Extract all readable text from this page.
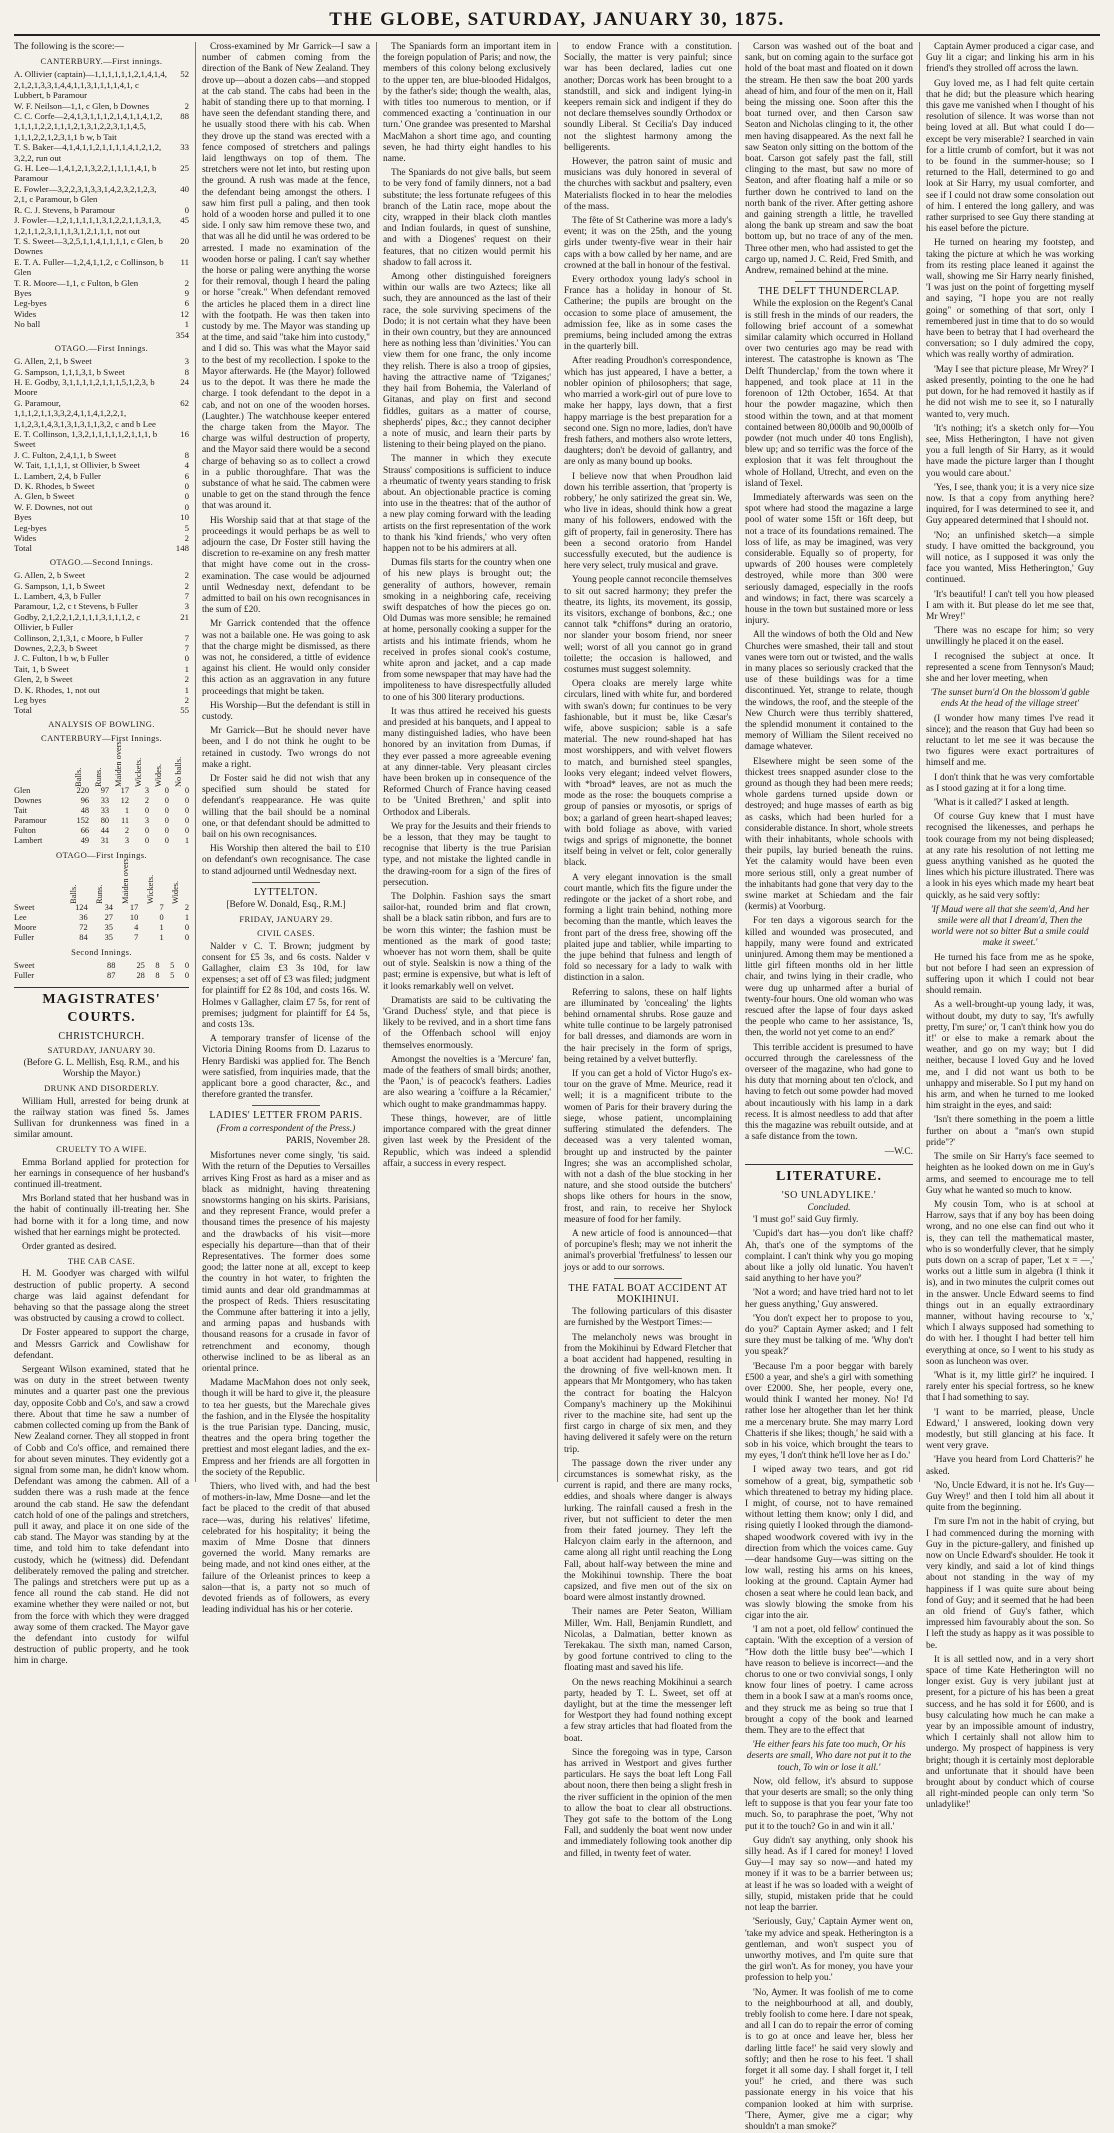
THE GLOBE, SATURDAY, JANUARY 30, 1875.

The following is the score:—

CANTERBURY.—First innings.
A. Ollivier (captain)—1,1,1,1,1,1,2,1,4,1,4, 2,1,2,1,3,3,1,4,4,1,1,3,1,1,1,1,4,1, c Lubbert, b Paramour	52
W. F. Neilson—1,1, c Glen, b Downes	2
C. C. Corfe—2,4,1,3,1,1,1,2,1,4,1,1,4,1,2, 1,1,1,1,2,2,1,1,1,2,1,3,1,2,2,3,1,1,4,5, 1,1,1,2,2,1,2,3,1,1 b w, b Tait	88
T. S. Baker—4,1,4,1,1,2,1,1,1,1,4,1,2,1,2, 3,2,2, run out	33
G. H. Lee—1,4,1,2,1,3,2,2,1,1,1,1,4,1, b Paramour	25
E. Fowler—3,2,2,3,1,3,3,1,4,2,3,2,1,2,3, 2,1, c Paramour, b Glen	40
R. C. J. Stevens, b Paramour	0
J. Fowler—1,2,1,1,1,1,1,3,1,2,2,1,1,3,1,3, 1,2,1,1,2,3,1,1,1,3,1,2,1,1,1, not out	45
T. S. Sweet—3,2,5,1,1,4,1,1,1,1, c Glen, b Downes	20
E. T. A. Fuller—1,2,4,1,1,2, c Collinson, b Glen	11
T. R. Moore—1,1, c Fulton, b Glen	2
Byes	9
Leg-byes	6
Wides	12
No ball	1
	354
OTAGO.—First Innings.
G. Allen, 2,1, b Sweet	3
G. Sampson, 1,1,1,3,1, b Sweet	8
H. E. Godby, 3,1,1,1,1,2,1,1,1,5,1,2,3, b Moore	24
G. Paramour, 1,1,1,2,1,1,3,3,2,4,1,1,4,1,2,2,1, 1,1,2,3,1,4,3,1,3,1,3,1,1,3,2, c and b Lee	62
E. T. Collinson, 1,3,2,1,1,1,1,1,2,1,1,1, b Sweet	16
J. C. Fulton, 2,4,1,1, b Sweet	8
W. Tait, 1,1,1,1, st Ollivier, b Sweet	4
L. Lambert, 2,4, b Fuller	6
D. K. Rhodes, b Sweet	0
A. Glen, b Sweet	0
W. F. Downes, not out	0
Byes	10
Leg-byes	5
Wides	2
Total	148
OTAGO.—Second Innings.
G. Allen, 2, b Sweet	2
G. Sampson, 1,1, b Sweet	2
L. Lambert, 4,3, b Fuller	7
Paramour, 1,2, c t Stevens, b Fuller	3
Godby, 2,1,2,2,1,2,1,1,1,3,1,1,1,2, c Ollivier, b Fuller	21
Collinson, 2,1,3,1, c Moore, b Fuller	7
Downes, 2,2,3, b Sweet	7
J. C. Fulton, l b w, b Fuller	0
Tait, 1, b Sweet	1
Glen, 2, b Sweet	2
D. K. Rhodes, 1, not out	1
Leg byes	2
Total	55
ANALYSIS OF BOWLING.
CANTERBURY—First Innings.
	Balls.	Runs.	Maiden overs.	Wickets.	Wides.	No balls.
Glen	220	97	17	3	0	0
Downes	96	33	12	2	0	0
Tait	48	33	1	0	0	0
Paramour	152	80	11	3	0	0
Fulton	66	44	2	0	0	0
Lambert	49	31	3	0	0	1
OTAGO—First Innings.
	Balls.	Runs.	Maiden overs.	Wickets.	Wides.
Sweet	124	34	17	7	2
Lee	36	27	10	0	1
Moore	72	35	4	1	0
Fuller	84	35	7	1	0
Second Innings.
Sweet	88	25	8	5	0
Fuller	87	28	8	5	0
MAGISTRATES' COURTS.
CHRISTCHURCH.
SATURDAY, JANUARY 30.
(Before G. L. Mellish, Esq. R.M., and his Worship the Mayor.)
DRUNK AND DISORDERLY.

William Hull, arrested for being drunk at the railway station was fined 5s. James Sullivan for drunkenness was fined in a similar amount.

CRUELTY TO A WIFE.

Emma Borland applied for protection for her earnings in consequence of her husband's continued ill-treatment.

Mrs Borland stated that her husband was in the habit of continually ill-treating her. She had borne with it for a long time, and now wished that her earnings might be protected.

Order granted as desired.

THE CAB CASE.

H. M. Goodyer was charged with wilful destruction of public property. A second charge was laid against defendant for behaving so that the passage along the street was obstructed by causing a crowd to collect.

Dr Foster appeared to support the charge, and Messrs Garrick and Cowlishaw for defendant.

Sergeant Wilson examined, stated that he was on duty in the street between twenty minutes and a quarter past one the previous day, opposite Cobb and Co's, and saw a crowd there. About that time he saw a number of cabmen collected coming up from the Bank of New Zealand corner. They all stopped in front of Cobb and Co's office, and remained there for about seven minutes. They evidently got a signal from some man, he didn't know whom. Defendant was among the cabmen. All of a sudden there was a rush made at the fence around the cab stand. He saw the defendant catch hold of one of the palings and stretchers, pull it away, and place it on one side of the cab stand. The Mayor was standing by at the time, and told him to take defendant into custody, which he (witness) did. Defendant deliberately removed the paling and stretcher. The palings and stretchers were put up as a fence all round the cab stand. He did not examine whether they were nailed or not, but from the force with which they were dragged away some of them cracked. The Mayor gave the defendant into custody for wilful destruction of public property, and he took him in charge.

Cross-examined by Mr Garrick—I saw a number of cabmen coming from the direction of the Bank of New Zealand. They drove up—about a dozen cabs—and stopped at the cab stand. The cabs had been in the habit of standing there up to that morning. I have seen the defendant standing there, and he usually stood there with his cab. When they drove up the stand was erected with a fence composed of stretchers and palings laid lengthways on top of them. The stretchers were not let into, but resting upon the ground. A rush was made at the fence, the defendant being amongst the others. I saw him first pull a paling, and then took hold of a wooden horse and pulled it to one side. I only saw him remove these two, and that was all he did until he was ordered to be arrested. I made no examination of the wooden horse or paling. I can't say whether the horse or paling were anything the worse for their removal, though I heard the paling or horse "creak." When defendant removed the articles he placed them in a direct line with the footpath. He was then taken into custody by me. The Mayor was standing up at the time, and said "take him into custody," and I did so. This was what the Mayor said to the best of my recollection. I spoke to the Mayor afterwards. He (the Mayor) followed us to the depot. It was there he made the charge. I took defendant to the depot in a cab, and not on one of the wooden horses. (Laughter.) The watchhouse keeper entered the charge taken from the Mayor. The charge was wilful destruction of property, and the Mayor said there would be a second charge of behaving so as to collect a crowd in a public thoroughfare. That was the substance of what he said. The cabmen were unable to get on the stand through the fence that was around it.

His Worship said that at that stage of the proceedings it would perhaps be as well to adjourn the case, Dr Foster still having the discretion to re-examine on any fresh matter that might have come out in the cross-examination. The case would be adjourned until Wednesday next, defendant to be admitted to bail on his own recognisances in the sum of £20.

Mr Garrick contended that the offence was not a bailable one. He was going to ask that the charge might be dismissed, as there was not, he considered, a tittle of evidence against his client. He would only consider this action as an aggravation in any future proceedings that might be taken.

His Worship—But the defendant is still in custody.

Mr Garrick—But he should never have been, and I do not think he ought to be retained in custody. Two wrongs do not make a right.

Dr Foster said he did not wish that any specified sum should be stated for defendant's reappearance. He was quite willing that the bail should be a nominal one, or that defendant should be admitted to bail on his own recognisances.

His Worship then altered the bail to £10 on defendant's own recognisance. The case to stand adjourned until Wednesday next.

LYTTELTON.
[Before W. Donald, Esq., R.M.]
FRIDAY, JANUARY 29.
CIVIL CASES.

Nalder v C. T. Brown; judgment by consent for £5 3s, and 6s costs. Nalder v Gallagher, claim £3 3s 10d, for law expenses; a set off of £3 was filed; judgment for plaintiff for £2 8s 10d, and costs 16s. W. Holmes v Gallagher, claim £7 5s, for rent of premises; judgment for plaintiff for £4 5s, and costs 13s.

A temporary transfer of license of the Victoria Dining Rooms from D. Lazarus to Henry Bardiski was applied for. The Bench were satisfied, from inquiries made, that the applicant bore a good character, &c., and therefore granted the transfer.

LADIES' LETTER FROM PARIS.
(From a correspondent of the Press.)
PARIS, November 28.

Misfortunes never come singly, 'tis said. With the return of the Deputies to Versailles arrives King Frost as hard as a miser and as black as midnight, having threatening snowstorms hanging on his skirts. Parisians, and they represent France, would prefer a thousand times the presence of his majesty and the drawbacks of his visit—more especially his departure—than that of their Representatives. The former does some good; the latter none at all, except to keep the country in hot water, to frighten the timid aunts and dear old grandmammas at the prospect of Reds. Thiers resuscitating the Commune after battering it into a jelly, and arming papas and husbands with thousand reasons for a crusade in favor of retrenchment and economy, though otherwise inclined to be as liberal as an oriental prince.

Madame MacMahon does not only seek, though it will be hard to give it, the pleasure to tea her guests, but the Marechale gives the fashion, and in the Elysée the hospitality is the true Parisian type. Dancing, music, theatres and the opera bring together the prettiest and most elegant ladies, and the ex-Empress and her friends are all forgotten in the society of the Republic.

Thiers, who lived with, and had the best of mothers-in-law, Mme Dosne—and let the fact be placed to the credit of that abused race—was, during his relatives' lifetime, celebrated for his hospitality; it being the maxim of Mme Dosne that dinners governed the world. Many remarks are being made, and not kind ones either, at the failure of the Orleanist princes to keep a salon—that is, a party not so much of devoted friends as of followers, as every leading individual has his or her coterie.

The Spaniards form an important item in the foreign population of Paris; and now, the members of this colony belong exclusively to the upper ten, are blue-blooded Hidalgos, by the father's side; though the wealth, alas, with titles too numerous to mention, or if commenced exacting a 'continuation in our turn.' One grandee was presented to Marshal MacMahon a short time ago, and counting seven, he had thirty eight handles to his name.

The Spaniards do not give balls, but seem to be very fond of family dinners, not a bad substitute; the less fortunate refugees of this branch of the Latin race, mope about the city, wrapped in their black cloth mantles and Indian foulards, in quest of sunshine, and with a Diogenes' request on their features, that no citizen would permit his shadow to fall across it.

Among other distinguished foreigners within our walls are two Aztecs; like all such, they are announced as the last of their race, the sole surviving specimens of the Dodo; it is not certain what they have been in their own country, but they are announced here as nothing less than 'divinities.' You can view them for one franc, the only income they relish. There is also a troop of gipsies, having the attractive name of 'Tziganes;' they hail from Bohemia, the Valerland of Gitanas, and play on first and second fiddles, guitars as a matter of course, shepherds' pipes, &c.; they cannot decipher a note of music, and learn their parts by listening to their being played on the piano.

The manner in which they execute Strauss' compositions is sufficient to induce a rheumatic of twenty years standing to frisk about. An objectionable practice is coming into use in the theatres: that of the author of a new play coming forward with the leading artists on the first representation of the work to thank his 'kind friends,' who very often happen not to be his admirers at all.

Dumas fils starts for the country when one of his new plays is brought out; the generality of authors, however, remain smoking in a neighboring cafe, receiving swift despatches of how the pieces go on. Old Dumas was more sensible; he remained at home, personally cooking a supper for the artists and his intimate friends, whom he received in profes sional cook's costume, white apron and jacket, and a cap made from some newspaper that may have had the impoliteness to have disrespectfully alluded to one of his 300 literary productions.

It was thus attired he received his guests and presided at his banquets, and I appeal to many distinguished ladies, who have been honored by an invitation from Dumas, if they ever passed a more agreeable evening at any dinner-table. Very pleasant circles have been broken up in consequence of the Reformed Church of France having ceased to be 'United Brethren,' and split into Orthodox and Liberals.

We pray for the Jesuits and their friends to be a lesson, that they may be taught to recognise that liberty is the true Parisian type, and not mistake the lighted candle in the drawing-room for a sign of the fires of persecution.

The Dolphin. Fashion says the smart sailor-hat, rounded brim and flat crown, shall be a black satin ribbon, and furs are to be worn this winter; the fashion must be mentioned as the mark of good taste; whoever has not worn them, shall be quite out of style. Sealskin is now a thing of the past; ermine is expensive, but what is left of it looks remarkably well on velvet.

Dramatists are said to be cultivating the 'Grand Duchess' style, and that piece is likely to be revived, and in a short time fans of the Offenbach school will enjoy themselves enormously.

Amongst the novelties is a 'Mercure' fan, made of the feathers of small birds; another, the 'Paon,' is of peacock's feathers. Ladies are also wearing a 'coiffure a la Récamier,' which ought to make grandmammas happy.

These things, however, are of little importance compared with the great dinner given last week by the President of the Republic, which was indeed a splendid affair, a success in every respect.

to endow France with a constitution. Socially, the matter is very painful; since war has been declared, ladies cut one another; Dorcas work has been brought to a standstill, and sick and indigent lying-in keepers remain sick and indigent if they do not declare themselves soundly Orthodox or soundly Liberal. St Cecilia's Day induced not the slightest harmony among the belligerents.

However, the patron saint of music and musicians was duly honored in several of the churches with sackbut and psaltery, even Materialists flocked in to hear the melodies of the mass.

The fête of St Catherine was more a lady's event; it was on the 25th, and the young girls under twenty-five wear in their hair caps with a bow called by her name, and are crowned at the ball in honour of the festival.

Every orthodox young lady's school in France has a holiday in honour of St. Catherine; the pupils are brought on the occasion to some place of amusement, the admission fee, like as in some cases the premiums, being included among the extras in the quarterly bill.

After reading Proudhon's correspondence, which has just appeared, I have a better, a nobler opinion of philosophers; that sage, who married a work-girl out of pure love to make her happy, lays down, that a first happy marriage is the best preparation for a second one. Sign no more, ladies, don't have fresh fathers, and mothers also wrote letters, daughters; don't be devoid of gallantry, and are only as many bound up books.

I believe now that when Proudhon laid down his terrible assertion, that 'property is robbery,' he only satirized the great sin. We, who live in ideas, should think how a great many of his followers, endowed with the gift of property, fail in generosity. There has been a second oratorio from Handel successfully executed, but the audience is here very select, truly musical and grave.

Young people cannot reconcile themselves to sit out sacred harmony; they prefer the theatre, its lights, its movement, its gossip, its visitors, exchange of bonbons, &c.; one cannot talk *chiffons* during an oratorio, nor slander your bosom friend, nor sneer well; worst of all you cannot go in grand toilette; the occasion is hallowed, and costumes must suggest solemnity.

Opera cloaks are merely large white circulars, lined with white fur, and bordered with swan's down; fur continues to be very fashionable, but it must be, like Cæsar's wife, above suspicion; sable is a safe material. The new round-shaped hat has most worshippers, and with velvet flowers to match, and burnished steel spangles, looks very elegant; indeed velvet flowers, with *broad* leaves, are not as much the mode as the rose: the bouquets comprise a group of pansies or myosotis, or sprigs of box; a garland of green heart-shaped leaves; with bold foliage as above, with varied twigs and sprigs of mignonette, the bonnet itself being in velvet or felt, color generally black.

A very elegant innovation is the small court mantle, which fits the figure under the redingote or the jacket of a short robe, and forming a light train behind, nothing more becoming than the mantle, which leaves the front part of the dress free, showing off the plaited jupe and tablier, while imparting to the jupe behind that fulness and length of fold so necessary for a lady to walk with distinction in a salon.

Referring to salons, these on half lights are illuminated by 'concealing' the lights behind ornamental shrubs. Rose gauze and white tulle continue to be largely patronised for ball dresses, and diamonds are worn in the hair precisely in the form of sprigs, being retained by a velvet butterfly.

If you can get a hold of Victor Hugo's ex-tour on the grave of Mme. Meurice, read it well; it is a magnificent tribute to the women of Paris for their bravery during the siege, whose patient, uncomplaining suffering stimulated the defenders. The deceased was a very talented woman, brought up and instructed by the painter Ingres; she was an accomplished scholar, with not a dash of the blue stocking in her nature, and she stood outside the butchers' shops like others for hours in the snow, frost, and rain, to receive her Shylock measure of food for her family.

A new article of food is announced—that of porcupine's flesh; may we not inherit the animal's proverbial 'fretfulness' to lessen our joys or add to our sorrows.

THE FATAL BOAT ACCIDENT AT MOKIHINUI.

The following particulars of this disaster are furnished by the Westport Times:—

The melancholy news was brought in from the Mokihinui by Edward Fletcher that a boat accident had happened, resulting in the drowning of five well-known men. It appears that Mr Montgomery, who has taken the contract for boating the Halcyon Company's machinery up the Mokihinui river to the machine site, had sent up the first cargo in charge of six men, and they having delivered it safely were on the return trip.

The passage down the river under any circumstances is somewhat risky, as the current is rapid, and there are many rocks, eddies, and shoals where danger is always lurking. The rainfall caused a fresh in the river, but not sufficient to deter the men from their fated journey. They left the Halcyon claim early in the afternoon, and came along all right until reaching the Long Fall, about half-way between the mine and the Mokihinui township. There the boat capsized, and five men out of the six on board were almost instantly drowned.

Their names are Peter Seaton, William Miller, Wm. Hall, Benjamin Rundlett, and Nicolas, a Dalmatian, better known as Terekakau. The sixth man, named Carson, by good fortune contrived to cling to the floating mast and saved his life.

On the news reaching Mokihinui a search party, headed by T. L. Sweet, set off at daylight, but at the time the messenger left for Westport they had found nothing except a few stray articles that had floated from the boat.

Since the foregoing was in type, Carson has arrived in Westport and gives further particulars. He says the boat left Long Fall about noon, there then being a slight fresh in the river sufficient in the opinion of the men to allow the boat to clear all obstructions. They got safe to the bottom of the Long Fall, and suddenly the boat went now under and immediately following took another dip and filled, in twenty feet of water.

Carson was washed out of the boat and sank, but on coming again to the surface got hold of the boat mast and floated on it down the stream. He then saw the boat 200 yards ahead of him, and four of the men on it, Hall being the missing one. Soon after this the boat turned over, and then Carson saw Seaton and Nicholas clinging to it, the other men having disappeared. As the next fall he saw Seaton only sitting on the bottom of the boat. Carson got safely past the fall, still clinging to the mast, but saw no more of Seaton, and after floating half a mile or so further down he contrived to land on the north bank of the river. After getting ashore and gaining strength a little, he travelled along the bank up stream and saw the boat bottom up, but no trace of any of the men. Three other men, who had assisted to get the cargo up, named J. C. Reid, Fred Smith, and Andrew, remained behind at the mine.

THE DELFT THUNDERCLAP.

While the explosion on the Regent's Canal is still fresh in the minds of our readers, the following brief account of a somewhat similar calamity which occurred in Holland over two centuries ago may be read with interest. The catastrophe is known as 'The Delft Thunderclap,' from the town where it happened, and took place at 11 in the forenoon of 12th October, 1654. At that hour the powder magazine, which then stood within the town, and at that moment contained between 80,000lb and 90,000lb of powder (not much under 40 tons English), blew up; and so terrific was the force of the explosion that it was felt throughout the whole of Holland, Utrecht, and even on the island of Texel.

Immediately afterwards was seen on the spot where had stood the magazine a large pool of water some 15ft or 16ft deep, but not a trace of its foundations remained. The loss of life, as may be imagined, was very considerable. Equally so of property, for upwards of 200 houses were completely destroyed, while more than 300 were seriously damaged, especially in the roofs and windows; in fact, there was scarcely a house in the town but sustained more or less injury.

All the windows of both the Old and New Churches were smashed, their tall and stout vanes were torn out or twisted, and the walls in many places so seriously cracked that the use of these buildings was for a time discontinued. Yet, strange to relate, though the windows, the roof, and the steeple of the New Church were thus terribly shattered, the splendid monument it contained to the memory of William the Silent received no damage whatever.

Elsewhere might be seen some of the thickest trees snapped asunder close to the ground as though they had been mere reeds; whole gardens turned upside down or destroyed; and huge masses of earth as big as casks, which had been hurled for a considerable distance. In short, whole streets with their inhabitants, whole schools with their pupils, lay buried beneath the ruins. Yet the calamity would have been even more serious still, only a great number of the inhabitants had gone that very day to the swine market at Schiedam and the fair (kermis) at Voorburg.

For ten days a vigorous search for the killed and wounded was prosecuted, and happily, many were found and extricated uninjured. Among them may be mentioned a little girl fifteen months old in her little chair, and twins lying in their cradle, who were dug up unharmed after a burial of twenty-four hours. One old woman who was rescued after the lapse of four days asked the people who came to her assistance, 'Is, then, the world not yet come to an end?'

This terrible accident is presumed to have occurred through the carelessness of the overseer of the magazine, who had gone to his duty that morning about ten o'clock, and having to fetch out some powder had moved about incautiously with his lamp in a dark recess. It is almost needless to add that after this the magazine was rebuilt outside, and at a safe distance from the town.

—W.C.
LITERATURE.
'SO UNLADYLIKE.'
Concluded.

'I must go!' said Guy firmly.

'Cupid's dart has—you don't like chaff? Ah, that's one of the symptoms of the complaint. I can't think why you go moping about like a jolly old lunatic. You haven't said anything to her have you?'

'Not a word; and have tried hard not to let her guess anything,' Guy answered.

'You don't expect her to propose to you, do you?' Captain Aymer asked; and I felt sure they must be talking of me. 'Why don't you speak?'

'Because I'm a poor beggar with barely £500 a year, and she's a girl with something over £2000. She, her people, every one, would think I wanted her money. No! I'd rather lose her altogether than let her think me a mercenary brute. She may marry Lord Chatteris if she likes; though,' he said with a sob in his voice, which brought the tears to my eyes, 'I don't think he'll love her as I do.'

I wiped away two tears, and got rid somehow of a great, big, sympathetic sob which threatened to betray my hiding place. I might, of course, not to have remained without letting them know; only I did, and rising quietly I looked through the diamond-shaped woodwork covered with ivy in the direction from which the voices came. Guy—dear handsome Guy—was sitting on the low wall, resting his arms on his knees, looking at the ground. Captain Aymer had chosen a seat where he could lean back, and was slowly blowing the smoke from his cigar into the air.

'I am not a poet, old fellow' continued the captain. 'With the exception of a version of "How doth the little busy bee"—which I have reason to believe is incorrect—and the chorus to one or two convivial songs, I only know four lines of poetry. I came across them in a book I saw at a man's rooms once, and they struck me as being so true that I brought a copy of the book and learned them. They are to the effect that

'He either fears his fate too much, Or his deserts are small, Who dare not put it to the touch, To win or lose it all.'

Now, old fellow, it's absurd to suppose that your deserts are small; so the only thing left to suppose is that you fear your fate too much. So, to paraphrase the poet, 'Why not put it to the touch? Go in and win it all.'

Guy didn't say anything, only shook his silly head. As if I cared for money! I loved Guy—I may say so now—and hated my money if it was to be a barrier between us; at least if he was so loaded with a weight of silly, stupid, mistaken pride that he could not leap the barrier.

'Seriously, Guy,' Captain Aymer went on, 'take my advice and speak. Hetherington is a gentleman, and won't suspect you of unworthy motives, and I'm quite sure that the girl won't. As for money, you have your profession to help you.'

'No, Aymer. It was foolish of me to come to the neighbourhood at all, and doubly, trebly foolish to come here. I dare not speak, and all I can do to repair the error of coming is to go at once and leave her, bless her darling little face!' he said very slowly and softly; and then he rose to his feet. 'I shall forget it all some day. I shall forget it, I tell you!' he cried, and there was such passionate energy in his voice that his companion looked at him with surprise. 'There, Aymer, give me a cigar; why shouldn't a man smoke?'

Captain Aymer produced a cigar case, and Guy lit a cigar; and linking his arm in his friend's they strolled off across the lawn.

Guy loved me, as I had felt quite certain that he did; but the pleasure which hearing this gave me vanished when I thought of his resolution of silence. It was worse than not being loved at all. But what could I do—except be very miserable? I searched in vain for a little crumb of comfort, but it was not to be found in the summer-house; so I returned to the Hall, determined to go and look at Sir Harry, my usual comforter, and see if I could not draw some consolation out of him. I entered the long gallery, and was rather surprised to see Guy there standing at his easel before the picture.

He turned on hearing my footstep, and taking the picture at which he was working from its resting place leaned it against the wall, showing me Sir Harry nearly finished, 'I was just on the point of forgetting myself and saying, "I hope you are not really going" or something of that sort, only I remembered just in time that to do so would have been to betray that I had overheard the conversation; so I duly admired the copy, which was really worthy of admiration.

'May I see that picture please, Mr Wrey?' I asked presently, pointing to the one he had put down, for he had removed it hastily as if he did not wish me to see it, so I naturally wanted to, very much.

'It's nothing; it's a sketch only for—You see, Miss Hetherington, I have not given you a full length of Sir Harry, as it would have made the picture larger than I thought you would care about.'

'Yes, I see, thank you; it is a very nice size now. Is that a copy from anything here? inquired, for I was determined to see it, and Guy appeared determined that I should not.

'No; an unfinished sketch—a simple study. I have omitted the background, you will notice, as I supposed it was only the face you wanted, Miss Hetherington,' Guy continued.

'It's beautiful! I can't tell you how pleased I am with it. But please do let me see that, Mr Wrey!'

'There was no escape for him; so very unwillingly he placed it on the easel.

I recognised the subject at once. It represented a scene from Tennyson's Maud; she and her lover meeting, when

'The sunset burn'd On the blossom'd gable ends At the head of the village street'

(I wonder how many times I've read it since); and the reason that Guy had been so reluctant to let me see it was because the two figures were exact portraitures of himself and me.

I don't think that he was very comfortable as I stood gazing at it for a long time.

'What is it called?' I asked at length.

Of course Guy knew that I must have recognised the likenesses, and perhaps he took courage from my not being displeased; at any rate his resolution of not letting me guess anything vanished as he quoted the lines which his picture illustrated. There was a look in his eyes which made my heart beat quickly, as he said very softly:

'If Maud were all that she seem'd, And her smile were all that I dream'd, Then the world were not so bitter But a smile could make it sweet.'

He turned his face from me as he spoke, but not before I had seen an expression of suffering upon it which I could not bear should remain.

As a well-brought-up young lady, it was, without doubt, my duty to say, 'It's awfully pretty, I'm sure;' or, 'I can't think how you do it!' or else to make a remark about the weather, and go on my way; but I did neither, because I loved Guy and he loved me, and I did not want us both to be unhappy and miserable. So I put my hand on his arm, and when he turned to me looked him straight in the eyes, and said:

'Isn't there something in the poem a little further on about a "man's own stupid pride"?'

The smile on Sir Harry's face seemed to heighten as he looked down on me in Guy's arms, and seemed to encourage me to tell Guy what he wanted so much to know.

My cousin Tom, who is at school at Harrow, says that if any boy has been doing wrong, and no one else can find out who it is, they can tell the mathematical master, who is so wonderfully clever, that he simply puts down on a scrap of paper, 'Let x = —,' works out a little sum in algebra (I think it is), and in two minutes the culprit comes out in the answer. Uncle Edward seems to find things out in an equally extraordinary manner, without having recourse to 'x,' which I always supposed had something to do with her. I thought I had better tell him everything at once, so I went to his study as soon as luncheon was over.

'What is it, my little girl?' he inquired. I rarely enter his special fortress, so he knew that I had something to say.

'I want to be married, please, Uncle Edward,' I answered, looking down very modestly, but still glancing at his face. It went very grave.

'Have you heard from Lord Chatteris?' he asked.

'No, Uncle Edward, it is not he. It's Guy—Guy Wrey!' and then I told him all about it quite from the beginning.

I'm sure I'm not in the habit of crying, but I had commenced during the morning with Guy in the picture-gallery, and finished up now on Uncle Edward's shoulder. He took it very kindly, and said a lot of kind things about not standing in the way of my happiness if I was quite sure about being fond of Guy; and it seemed that he had been an old friend of Guy's father, which impressed him favourably about the son. So I left the study as happy as it was possible to be.

It is all settled now, and in a very short space of time Kate Hetherington will no longer exist. Guy is very jubilant just at present, for a picture of his has been a great success, and he has sold it for £600, and is busy calculating how much he can make a year by an impossible amount of industry, which I certainly shall not allow him to undergo. My prospect of happiness is very bright; though it is certainly most deplorable and unfortunate that it should have been brought about by conduct which of course all right-minded people can only term 'So unladylike!'
